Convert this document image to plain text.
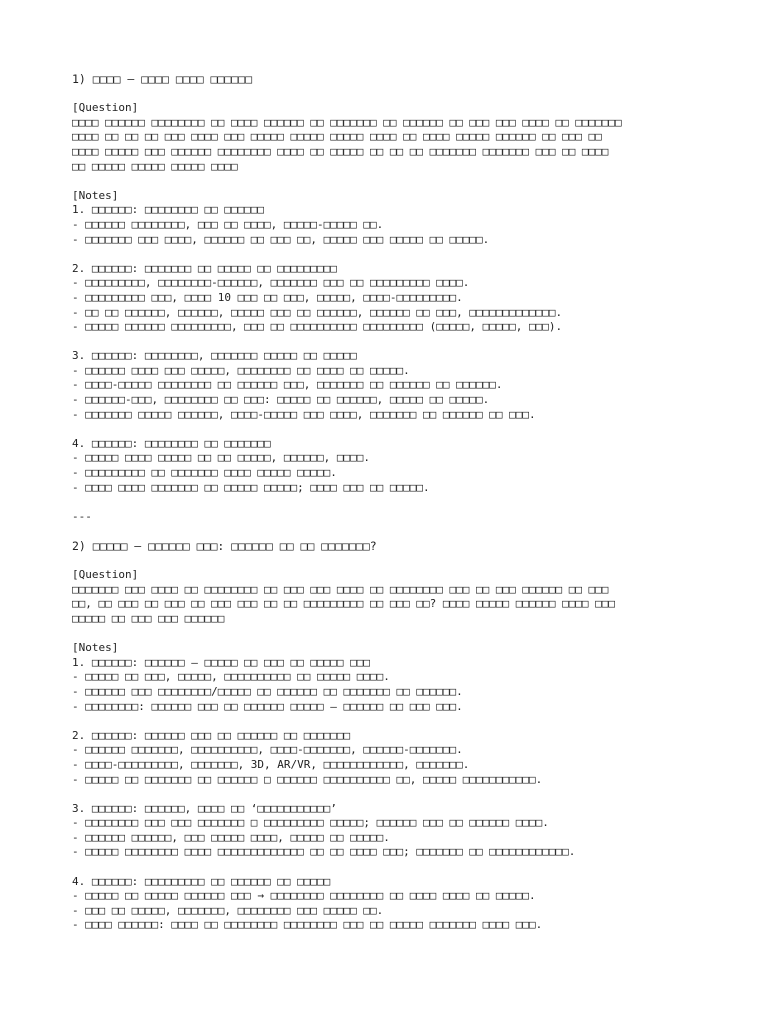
1) □□□□ – □□□□ □□□□ □□□□□□
[Question]
□□□□ □□□□□□ □□□□□□□□ □□ □□□□ □□□□□□ □□ □□□□□□□ □□ □□□□□□ □□ □□□ □□□ □□□□ □□ □□□□□□□
□□□□ □□ □□ □□ □□□ □□□□ □□□ □□□□□ □□□□□ □□□□□ □□□□ □□ □□□□ □□□□□ □□□□□□ □□ □□□ □□
□□□□ □□□□□ □□□ □□□□□□ □□□□□□□□ □□□□ □□ □□□□□ □□ □□ □□ □□□□□□□ □□□□□□□ □□□ □□ □□□□
□□ □□□□□ □□□□□ □□□□□ □□□□
[Notes]
1. □□□□□□: □□□□□□□□ □□ □□□□□□
- □□□□□□ □□□□□□□□, □□□ □□ □□□□, □□□□□-□□□□□ □□.
- □□□□□□□ □□□ □□□□, □□□□□□ □□ □□□ □□, □□□□□ □□□ □□□□□ □□ □□□□□.
2. □□□□□□: □□□□□□□ □□ □□□□□ □□ □□□□□□□□□
- □□□□□□□□□, □□□□□□□□-□□□□□□, □□□□□□□ □□□ □□ □□□□□□□□□ □□□□.
- □□□□□□□□□ □□□, □□□□ 10 □□□ □□ □□□, □□□□□, □□□□-□□□□□□□□□.
- □□ □□ □□□□□□, □□□□□□, □□□□□ □□□ □□ □□□□□□, □□□□□□ □□ □□□, □□□□□□□□□□□□□.
- □□□□□ □□□□□□ □□□□□□□□□, □□□ □□ □□□□□□□□□□ □□□□□□□□□ (□□□□□, □□□□□, □□□).
3. □□□□□□: □□□□□□□□, □□□□□□□ □□□□□ □□ □□□□□
- □□□□□□ □□□□ □□□ □□□□□, □□□□□□□□ □□ □□□□ □□ □□□□□.
- □□□□-□□□□□ □□□□□□□□ □□ □□□□□□ □□□, □□□□□□□ □□ □□□□□□ □□ □□□□□□.
- □□□□□□-□□□, □□□□□□□□ □□ □□□: □□□□□ □□ □□□□□□, □□□□□ □□ □□□□□.
- □□□□□□□ □□□□□ □□□□□□, □□□□-□□□□□ □□□ □□□□, □□□□□□□ □□ □□□□□□ □□ □□□.
4. □□□□□□: □□□□□□□□ □□ □□□□□□□
- □□□□□ □□□□ □□□□□ □□ □□ □□□□□, □□□□□□, □□□□.
- □□□□□□□□□ □□ □□□□□□□ □□□□ □□□□□ □□□□□.
- □□□□ □□□□ □□□□□□□ □□ □□□□□ □□□□□; □□□□ □□□ □□ □□□□□.
---
2) □□□□□ – □□□□□□ □□□: □□□□□□ □□ □□ □□□□□□□?
[Question]
□□□□□□□ □□□ □□□□ □□ □□□□□□□□ □□ □□□ □□□ □□□□ □□ □□□□□□□□ □□□ □□ □□□ □□□□□□ □□ □□□
□□, □□ □□□ □□ □□□ □□ □□□ □□□ □□ □□ □□□□□□□□□ □□ □□□ □□? □□□□ □□□□□ □□□□□□ □□□□ □□□
□□□□□ □□ □□□ □□□ □□□□□□
[Notes]
1. □□□□□□: □□□□□□ – □□□□□ □□ □□□ □□ □□□□□ □□□
- □□□□□ □□ □□□, □□□□□, □□□□□□□□□□ □□ □□□□□ □□□□.
- □□□□□□ □□□ □□□□□□□□/□□□□□ □□ □□□□□□ □□ □□□□□□□ □□ □□□□□□.
- □□□□□□□□: □□□□□□ □□□ □□ □□□□□□ □□□□□ – □□□□□□ □□ □□□ □□□.
2. □□□□□□: □□□□□□ □□□ □□ □□□□□□ □□ □□□□□□□
- □□□□□□ □□□□□□□, □□□□□□□□□□, □□□□-□□□□□□□, □□□□□□-□□□□□□□.
- □□□□-□□□□□□□□□, □□□□□□□, 3D, AR/VR, □□□□□□□□□□□□, □□□□□□□.
- □□□□□ □□ □□□□□□□ □□ □□□□□□ □ □□□□□□ □□□□□□□□□□ □□, □□□□□ □□□□□□□□□□□.
3. □□□□□□: □□□□□□, □□□□ □□ ‘□□□□□□□□□□□’
- □□□□□□□□ □□□ □□□ □□□□□□□ □ □□□□□□□□□ □□□□□; □□□□□□ □□□ □□ □□□□□□ □□□□.
- □□□□□□ □□□□□□, □□□ □□□□□ □□□□, □□□□□ □□ □□□□□.
- □□□□□ □□□□□□□□ □□□□ □□□□□□□□□□□□□ □□ □□ □□□□ □□□; □□□□□□□ □□ □□□□□□□□□□□□.
4. □□□□□□: □□□□□□□□□ □□ □□□□□□ □□ □□□□□
- □□□□□ □□ □□□□□ □□□□□□ □□□ → □□□□□□□□ □□□□□□□□ □□ □□□□ □□□□ □□ □□□□□.
- □□□ □□ □□□□□, □□□□□□□, □□□□□□□□ □□□ □□□□□ □□.
- □□□□ □□□□□□: □□□□ □□ □□□□□□□□ □□□□□□□□ □□□ □□ □□□□□ □□□□□□□ □□□□ □□□.
